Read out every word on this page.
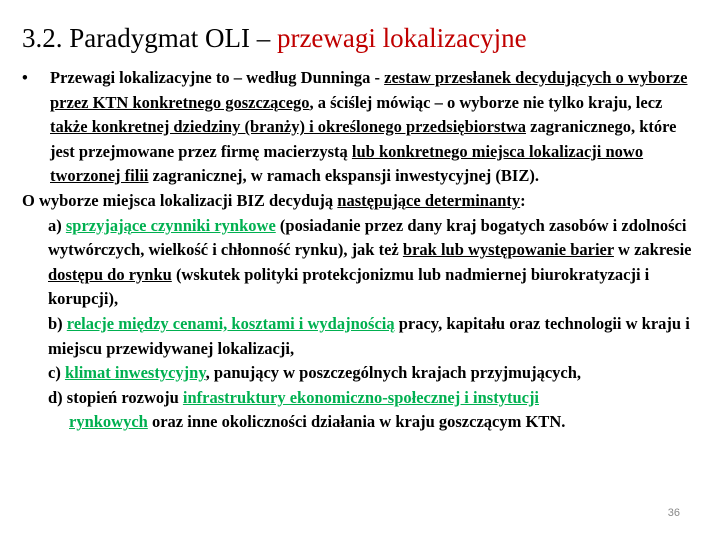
3.2. Paradygmat OLI – przewagi lokalizacyjne
• Przewagi lokalizacyjne to – według Dunninga - zestaw przesłanek decydujących o wyborze przez KTN konkretnego goszczącego, a ściślej mówiąc – o wyborze nie tylko kraju, lecz także konkretnej dziedziny (branży) i określonego przedsiębiorstwa zagranicznego, które jest przejmowane przez firmę macierzystą lub konkretnego miejsca lokalizacji nowo tworzonej filii zagranicznej, w ramach ekspansji inwestycyjnej (BIZ).
O wyborze miejsca lokalizacji BIZ decydują następujące determinanty:
a) sprzyjające czynniki rynkowe (posiadanie przez dany kraj bogatych zasobów i zdolności wytwórczych, wielkość i chłonność rynku), jak też brak lub występowanie barier w zakresie dostępu do rynku (wskutek polityki protekcjonizmu lub nadmiernej biurokratyzacji i korupcji),
b) relacje między cenami, kosztami i wydajnością pracy, kapitału oraz technologii w kraju i miejscu przewidywanej lokalizacji,
c) klimat inwestycyjny, panujący w poszczególnych krajach przyjmujących,
d) stopień rozwoju infrastruktury ekonomiczno-społecznej i instytucji
rynkowych oraz inne okoliczności działania w kraju goszczącym KTN.
36
